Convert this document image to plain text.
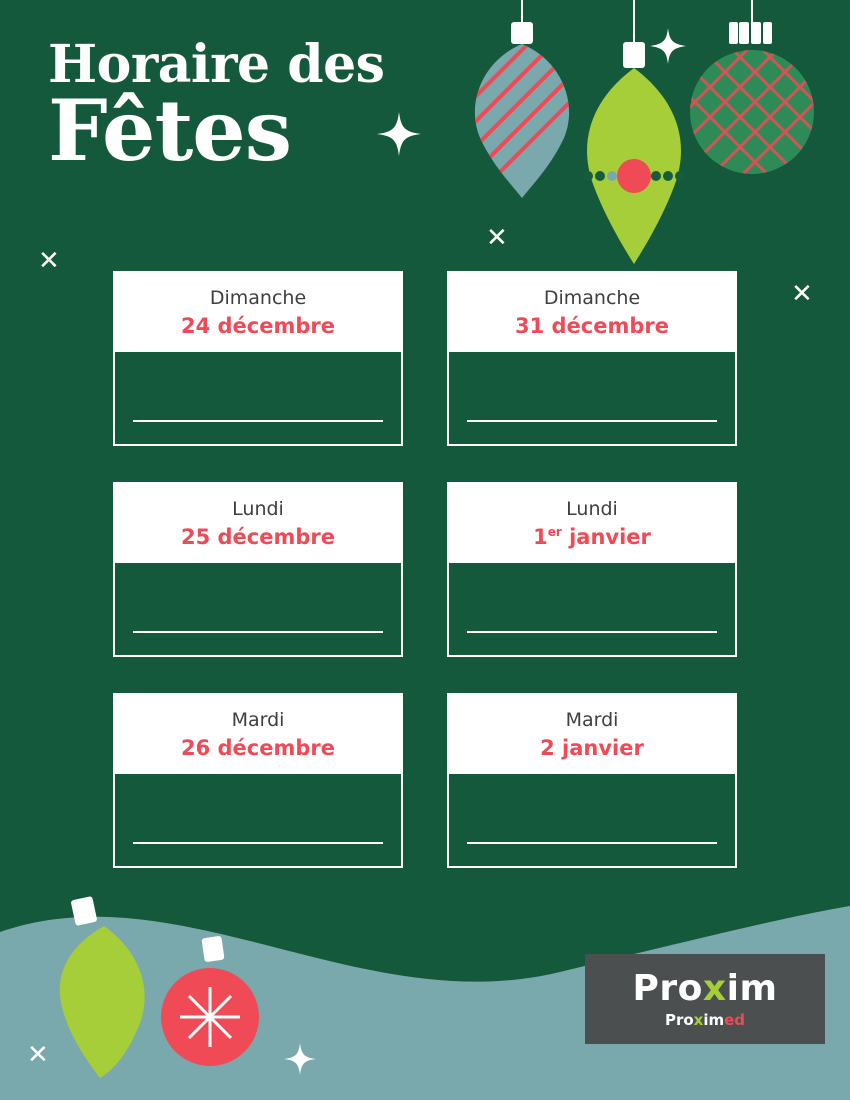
✕
✕
✕
✕
Horaire des
Fêtes
Dimanche
24 décembre
Dimanche
31 décembre
Lundi
25 décembre
Lundi
1er janvier
Mardi
26 décembre
Mardi
2 janvier
Pro x im
Proximed
